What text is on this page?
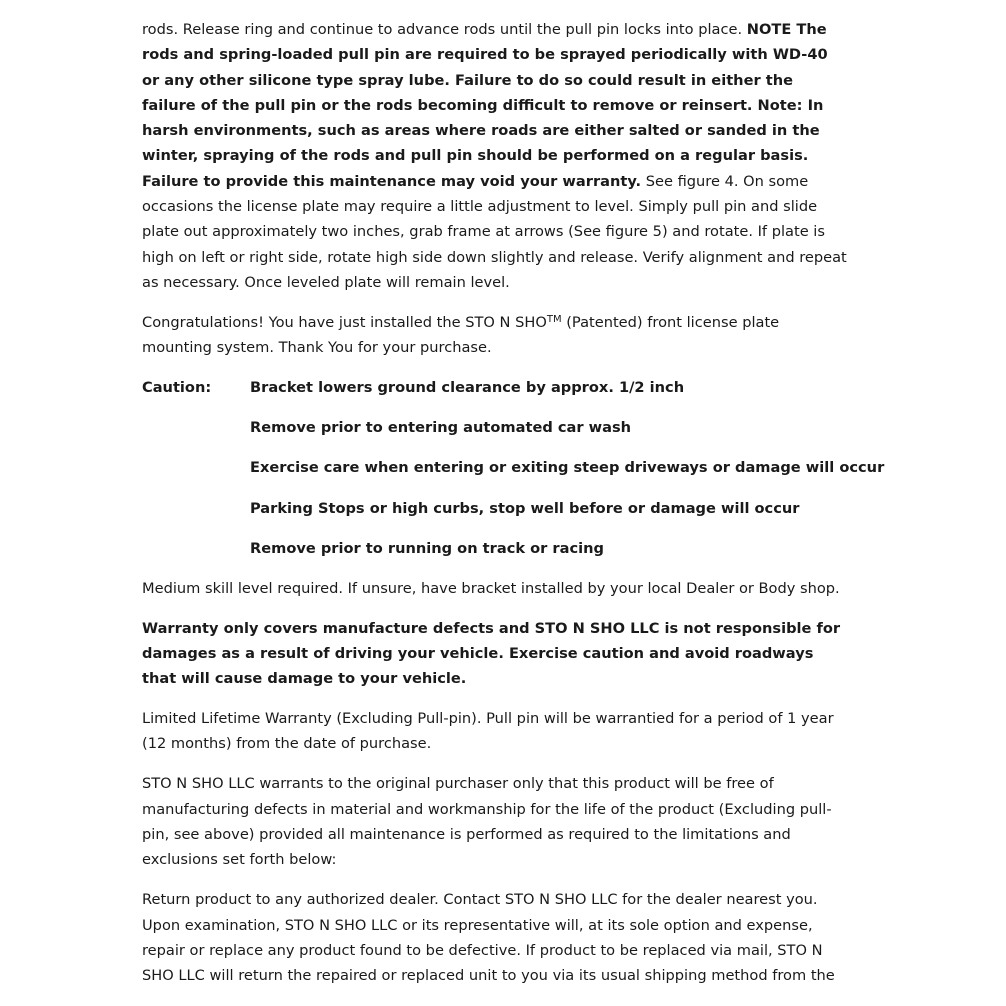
rods. Release ring and continue to advance rods until the pull pin locks into place. NOTE The rods and spring-loaded pull pin are required to be sprayed periodically with WD-40 or any other silicone type spray lube. Failure to do so could result in either the failure of the pull pin or the rods becoming difficult to remove or reinsert. Note: In harsh environments, such as areas where roads are either salted or sanded in the winter, spraying of the rods and pull pin should be performed on a regular basis. Failure to provide this maintenance may void your warranty. See figure 4. On some occasions the license plate may require a little adjustment to level. Simply pull pin and slide plate out approximately two inches, grab frame at arrows (See figure 5) and rotate. If plate is high on left or right side, rotate high side down slightly and release. Verify alignment and repeat as necessary. Once leveled plate will remain level.

Congratulations! You have just installed the STO N SHO™ (Patented) front license plate mounting system. Thank You for your purchase.

Caution:	Bracket lowers ground clearance by approx. 1/2 inch
Remove prior to entering automated car wash
Exercise care when entering or exiting steep driveways or damage will occur
Parking Stops or high curbs, stop well before or damage will occur
Remove prior to running on track or racing

Medium skill level required. If unsure, have bracket installed by your local Dealer or Body shop.

Warranty only covers manufacture defects and STO N SHO LLC is not responsible for damages as a result of driving your vehicle. Exercise caution and avoid roadways that will cause damage to your vehicle.

Limited Lifetime Warranty (Excluding Pull-pin). Pull pin will be warrantied for a period of 1 year (12 months) from the date of purchase.

STO N SHO LLC warrants to the original purchaser only that this product will be free of manufacturing defects in material and workmanship for the life of the product (Excluding pull-pin, see above) provided all maintenance is performed as required to the limitations and exclusions set forth below:

Return product to any authorized dealer. Contact STO N SHO LLC for the dealer nearest you. Upon examination, STO N SHO LLC or its representative will, at its sole option and expense, repair or replace any product found to be defective. If product to be replaced via mail, STO N SHO LLC will return the repaired or replaced unit to you via its usual shipping method from the
